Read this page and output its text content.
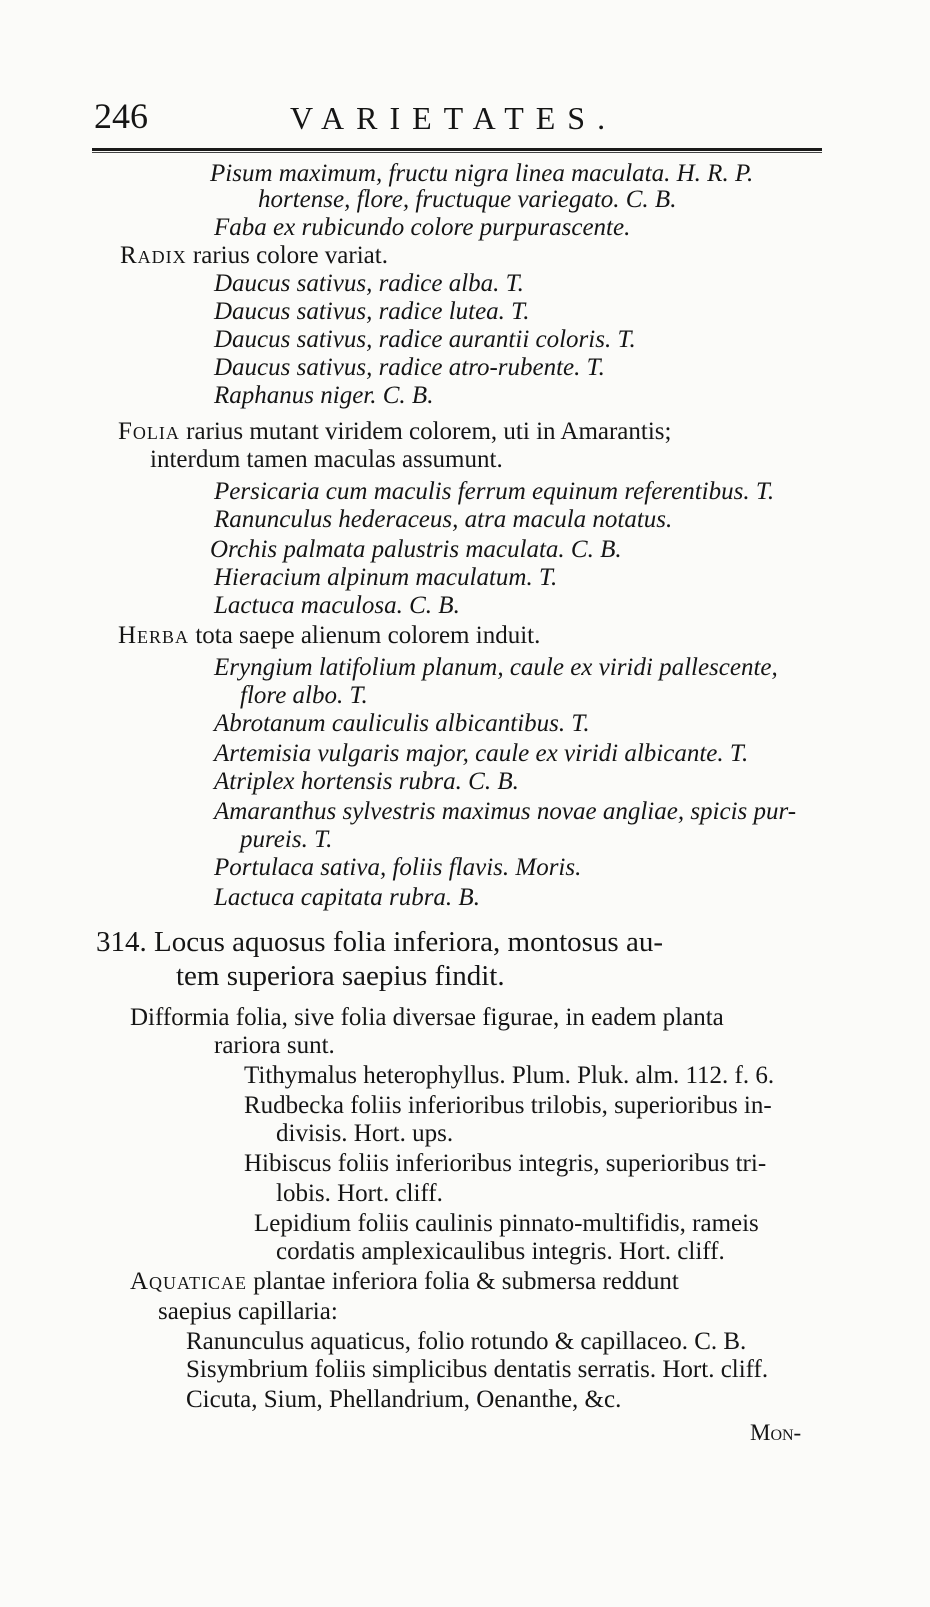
246	VARIETATES.
Pisum maximum, fructu nigra linea maculata. H. R. P.
hortense, flore, fructuque variegato. C. B.
Faba ex rubicundo colore purpurascente.
Radix rarius colore variat.
Daucus sativus, radice alba. T.
Daucus sativus, radice lutea. T.
Daucus sativus, radice aurantii coloris. T.
Daucus sativus, radice atro-rubente. T.
Raphanus niger. C. B.
Folia rarius mutant viridem colorem, uti in Amarantis;
interdum tamen maculas assumunt.
Persicaria cum maculis ferrum equinum referentibus. T.
Ranunculus hederaceus, atra macula notatus.
Orchis palmata palustris maculata. C. B.
Hieracium alpinum maculatum. T.
Lactuca maculosa. C. B.
Herba tota saepe alienum colorem induit.
Eryngium latifolium planum, caule ex viridi pallescente,
flore albo. T.
Abrotanum cauliculis albicantibus. T.
Artemisia vulgaris major, caule ex viridi albicante. T.
Atriplex hortensis rubra. C. B.
Amaranthus sylvestris maximus novae angliae, spicis pur-
pureis. T.
Portulaca sativa, foliis flavis. Moris.
Lactuca capitata rubra. B.
314. Locus aquosus folia inferiora, montosus au-
tem superiora saepius findit.
Difformia folia, sive folia diversae figurae, in eadem planta
rariora sunt.
Tithymalus heterophyllus. Plum. Pluk. alm. 112. f. 6.
Rudbecka foliis inferioribus trilobis, superioribus in-
divisis. Hort. ups.
Hibiscus foliis inferioribus integris, superioribus tri-
lobis. Hort. cliff.
Lepidium foliis caulinis pinnato-multifidis, rameis
cordatis amplexicaulibus integris. Hort. cliff.
Aquaticae plantae inferiora folia & submersa reddunt
saepius capillaria:
Ranunculus aquaticus, folio rotundo & capillaceo. C. B.
Sisymbrium foliis simplicibus dentatis serratis. Hort. cliff.
Cicuta, Sium, Phellandrium, Oenanthe, &c.
Mon-
